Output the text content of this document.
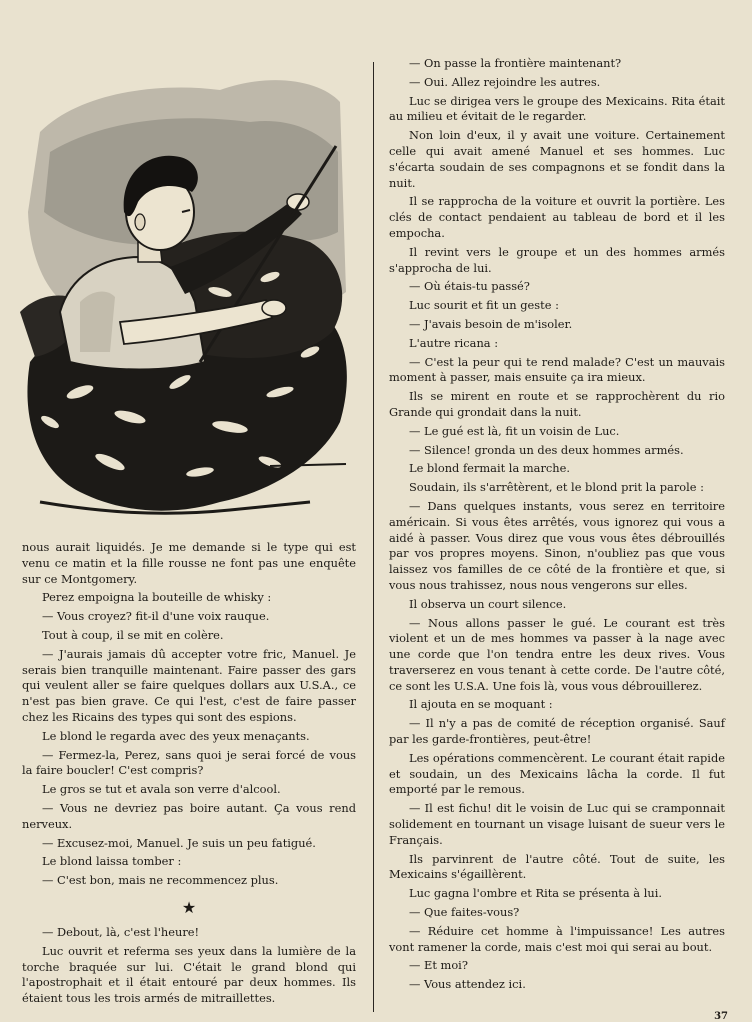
nous aurait liquidés. Je me demande si le type qui est venu ce matin et la fille rousse ne font pas une enquête sur ce Montgomery.

Perez empoigna la bouteille de whisky :

— Vous croyez? fit-il d'une voix rauque.

Tout à coup, il se mit en colère.

— J'aurais jamais dû accepter votre fric, Manuel. Je serais bien tranquille maintenant. Faire passer des gars qui veulent aller se faire quelques dollars aux U.S.A., ce n'est pas bien grave. Ce qui l'est, c'est de faire passer chez les Ricains des types qui sont des espions.

Le blond le regarda avec des yeux menaçants.

— Fermez-la, Perez, sans quoi je serai forcé de vous la faire boucler! C'est compris?

Le gros se tut et avala son verre d'alcool.

— Vous ne devriez pas boire autant. Ça vous rend nerveux.

— Excusez-moi, Manuel. Je suis un peu fatigué.

Le blond laissa tomber :

— C'est bon, mais ne recommencez plus.

★

— Debout, là, c'est l'heure!

Luc ouvrit et referma ses yeux dans la lumière de la torche braquée sur lui. C'était le grand blond qui l'apostrophait et il était entouré par deux hommes. Ils étaient tous les trois armés de mitraillettes.

— On passe la frontière maintenant?

— Oui. Allez rejoindre les autres.

Luc se dirigea vers le groupe des Mexicains. Rita était au milieu et évitait de le regarder.

Non loin d'eux, il y avait une voiture. Certainement celle qui avait amené Manuel et ses hommes. Luc s'écarta soudain de ses compagnons et se fondit dans la nuit.

Il se rapprocha de la voiture et ouvrit la portière. Les clés de contact pendaient au tableau de bord et il les empocha.

Il revint vers le groupe et un des hommes armés s'approcha de lui.

— Où étais-tu passé?

Luc sourit et fit un geste :

— J'avais besoin de m'isoler.

L'autre ricana :

— C'est la peur qui te rend malade? C'est un mauvais moment à passer, mais ensuite ça ira mieux.

Ils se mirent en route et se rapprochèrent du rio Grande qui grondait dans la nuit.

— Le gué est là, fit un voisin de Luc.

— Silence! gronda un des deux hommes armés.

Le blond fermait la marche.

Soudain, ils s'arrêtèrent, et le blond prit la parole :

— Dans quelques instants, vous serez en territoire américain. Si vous êtes arrêtés, vous ignorez qui vous a aidé à passer. Vous direz que vous vous êtes débrouillés par vos propres moyens. Sinon, n'oubliez pas que vous laissez vos familles de ce côté de la frontière et que, si vous nous trahissez, nous nous vengerons sur elles.

Il observa un court silence.

— Nous allons passer le gué. Le courant est très violent et un de mes hommes va passer à la nage avec une corde que l'on tendra entre les deux rives. Vous traverserez en vous tenant à cette corde. De l'autre côté, ce sont les U.S.A. Une fois là, vous vous débrouillerez.

Il ajouta en se moquant :

— Il n'y a pas de comité de réception organisé. Sauf par les garde-frontières, peut-être!

Les opérations commencèrent. Le courant était rapide et soudain, un des Mexicains lâcha la corde. Il fut emporté par le remous.

— Il est fichu! dit le voisin de Luc qui se cramponnait solidement en tournant un visage luisant de sueur vers le Français.

Ils parvinrent de l'autre côté. Tout de suite, les Mexicains s'égaillèrent.

Luc gagna l'ombre et Rita se présenta à lui.

— Que faites-vous?

— Réduire cet homme à l'impuissance! Les autres vont ramener la corde, mais c'est moi qui serai au bout.

— Et moi?

— Vous attendez ici.

37
